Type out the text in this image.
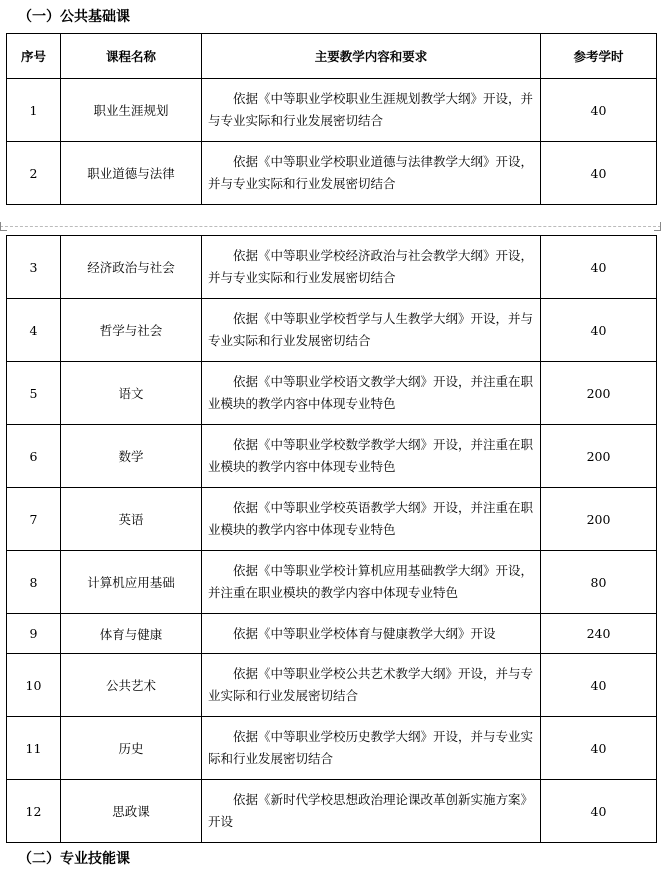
（一）公共基础课
序号	课程名称	主要教学内容和要求	参考学时
1	职业生涯规划	依据《中等职业学校职业生涯规划教学大纲》开设，并与专业实际和行业发展密切结合	40
2	职业道德与法律	依据《中等职业学校职业道德与法律教学大纲》开设，并与专业实际和行业发展密切结合	40
3	经济政治与社会	依据《中等职业学校经济政治与社会教学大纲》开设，并与专业实际和行业发展密切结合	40
4	哲学与社会	依据《中等职业学校哲学与人生教学大纲》开设，并与专业实际和行业发展密切结合	40
5	语文	依据《中等职业学校语文教学大纲》开设，并注重在职业模块的教学内容中体现专业特色	200
6	数学	依据《中等职业学校数学教学大纲》开设，并注重在职业模块的教学内容中体现专业特色	200
7	英语	依据《中等职业学校英语教学大纲》开设，并注重在职业模块的教学内容中体现专业特色	200
8	计算机应用基础	依据《中等职业学校计算机应用基础教学大纲》开设，并注重在职业模块的教学内容中体现专业特色	80
9	体育与健康	依据《中等职业学校体育与健康教学大纲》开设	240
10	公共艺术	依据《中等职业学校公共艺术教学大纲》开设，并与专业实际和行业发展密切结合	40
11	历史	依据《中等职业学校历史教学大纲》开设，并与专业实际和行业发展密切结合	40
12	思政课	依据《新时代学校思想政治理论课改革创新实施方案》开设	40
（二）专业技能课
